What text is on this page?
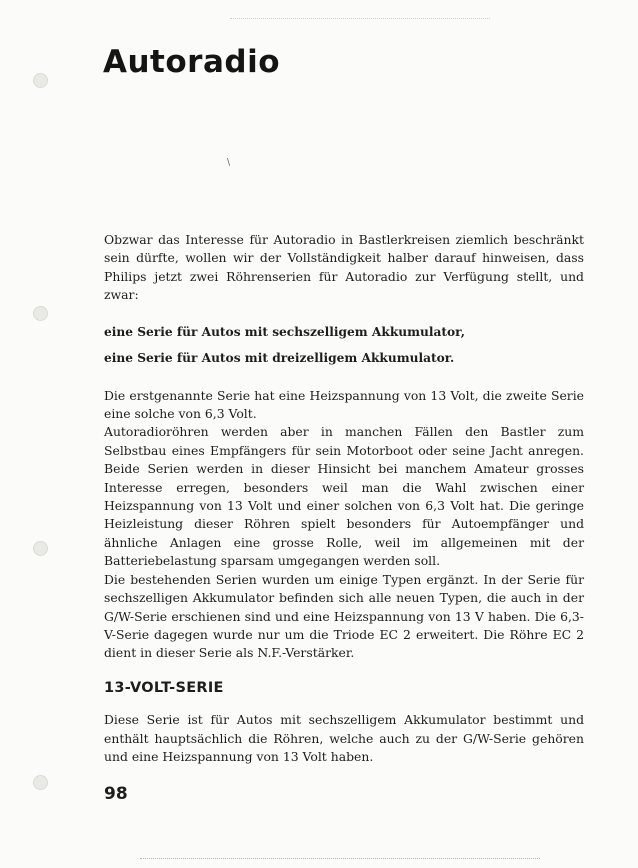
Autoradio
\

Obzwar das Interesse für Autoradio in Bastlerkreisen ziemlich beschränkt sein dürfte, wollen wir der Vollständigkeit halber darauf hinweisen, dass Philips jetzt zwei Röhrenserien für Autoradio zur Verfügung stellt, und zwar:

eine Serie für Autos mit sechszelligem Akkumulator,

eine Serie für Autos mit dreizelligem Akkumulator.

Die erstgenannte Serie hat eine Heizspannung von 13 Volt, die zweite Serie eine solche von 6,3 Volt.

Autoradioröhren werden aber in manchen Fällen den Bastler zum Selbstbau eines Empfängers für sein Motorboot oder seine Jacht anregen. Beide Serien werden in dieser Hinsicht bei manchem Amateur grosses Interesse erregen, besonders weil man die Wahl zwischen einer Heizspannung von 13 Volt und einer solchen von 6,3 Volt hat. Die geringe Heizleistung dieser Röhren spielt besonders für Autoempfänger und ähnliche Anlagen eine grosse Rolle, weil im allgemeinen mit der Batteriebelastung sparsam umgegangen werden soll.

Die bestehenden Serien wurden um einige Typen ergänzt. In der Serie für sechszelligen Akkumulator befinden sich alle neuen Typen, die auch in der G/W-Serie erschienen sind und eine Heizspannung von 13 V haben. Die 6,3-V-Serie dagegen wurde nur um die Triode EC 2 erweitert. Die Röhre EC 2 dient in dieser Serie als N.F.-Verstärker.

13-VOLT-SERIE

Diese Serie ist für Autos mit sechszelligem Akkumulator bestimmt und enthält hauptsächlich die Röhren, welche auch zu der G/W-Serie gehören und eine Heizspannung von 13 Volt haben.

98
